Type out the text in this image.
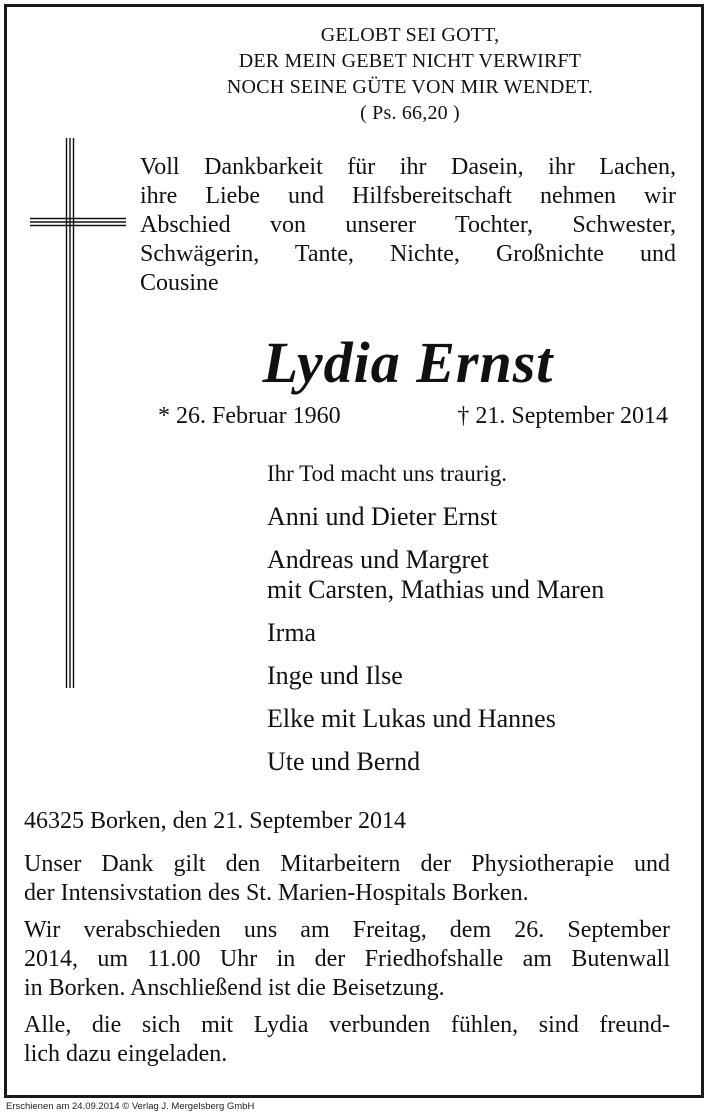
GELOBT SEI GOTT,
DER MEIN GEBET NICHT VERWIRFT
NOCH SEINE GÜTE VON MIR WENDET.
( Ps. 66,20 )
Voll Dankbarkeit für ihr Dasein, ihr Lachen,
ihre Liebe und Hilfsbereitschaft nehmen wir
Abschied von unserer Tochter, Schwester,
Schwägerin, Tante, Nichte, Großnichte und
Cousine
Lydia Ernst
* 26. Februar 1960	† 21. September 2014
Ihr Tod macht uns traurig.
Anni und Dieter Ernst
Andreas und Margret
mit Carsten, Mathias und Maren
Irma
Inge und Ilse
Elke mit Lukas und Hannes
Ute und Bernd
46325 Borken, den 21. September 2014

Unser Dank gilt den Mitarbeitern der Physiotherapie und
der Intensivstation des St. Marien-Hospitals Borken.

Wir verabschieden uns am Freitag, dem 26. September
2014, um 11.00 Uhr in der Friedhofshalle am Butenwall
in Borken. Anschließend ist die Beisetzung.

Alle, die sich mit Lydia verbunden fühlen, sind freund-
lich dazu eingeladen.

Erschienen am 24.09.2014 © Verlag J. Mergelsberg GmbH
